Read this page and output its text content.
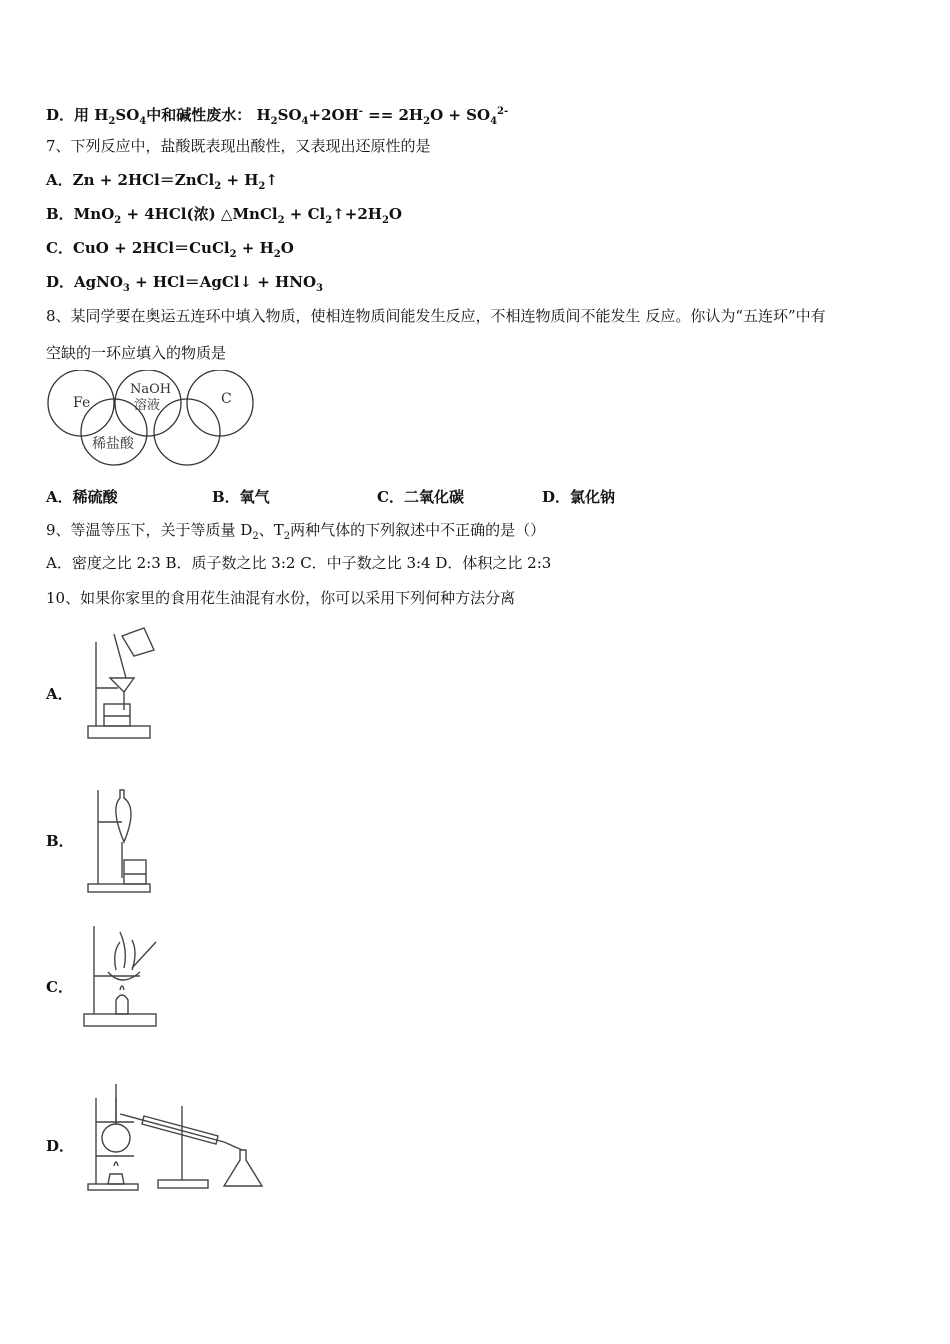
D．用 $H_2SO_4$中和碱性废水： $H_2SO_4+2OH^- == 2H_2O + SO_4^{2-}$
7、下列反应中，盐酸既表现出酸性，又表现出还原性的是
A．Zn + 2HCl＝ZnCl$_2$ + $H_2↑$
B．MnO$_2$ + 4HCl(浓) △MnCl$_2$ + $Cl_2↑+2H_2O$
C．CuO + 2HCl＝CuCl$_2$ + $H_2O$
D．AgNO$_3$ + HCl＝AgCl↓ + $HNO_3$
8、某同学要在奥运五连环中填入物质，使相连物质间能发生反应，不相连物质间不能发生 反应。你认为“五连环”中有
空缺的一环应填入的物质是
Fe
NaOH
溶液	C
稀盐酸
A．稀硫酸	B．氧气	C．二氧化碳	D．氯化钠
9、等温等压下，关于等质量 $D_2$、$T_2$两种气体的下列叙述中不正确的是（）
A．密度之比 2:3 B．质子数之比 3:2 C．中子数之比 3:4 D．体积之比 2:3
10、如果你家里的食用花生油混有水份，你可以采用下列何种方法分离
A．
B．
C．
D．
